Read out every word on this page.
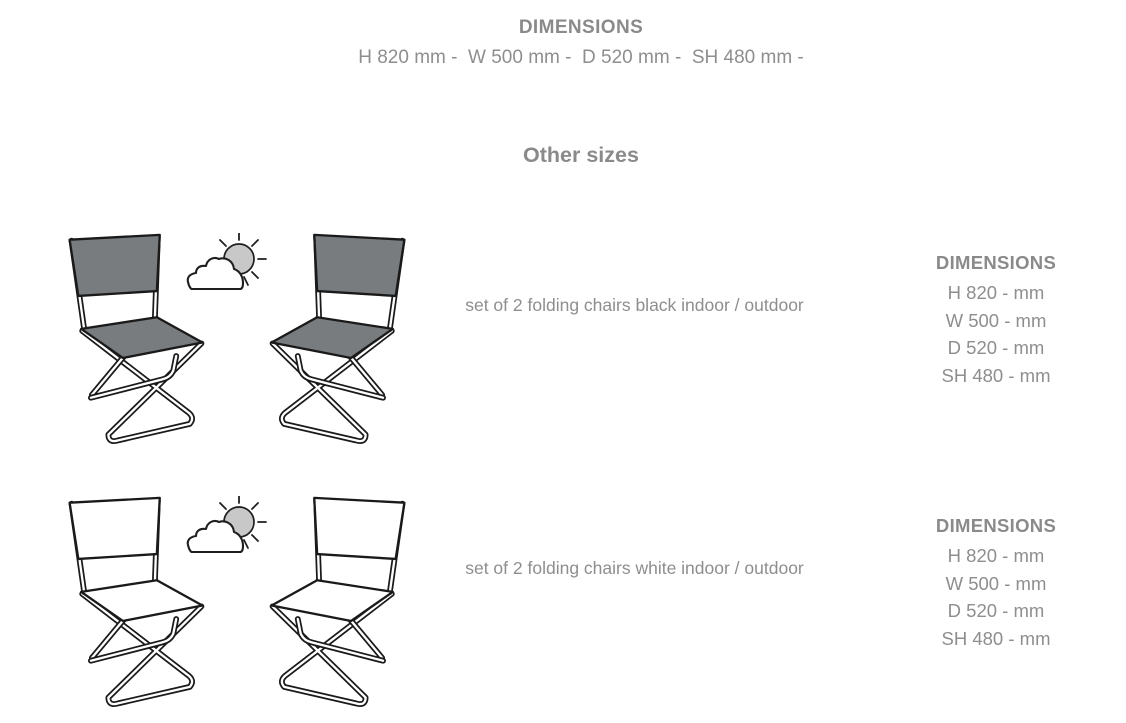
DIMENSIONS

H 820 mm -  W 500 mm -  D 520 mm -  SH 480 mm -

Other sizes

set of 2 folding chairs black indoor / outdoor

DIMENSIONS
H 820 - mm
W 500 - mm
D 520 - mm
SH 480 - mm

set of 2 folding chairs white indoor / outdoor

DIMENSIONS
H 820 - mm
W 500 - mm
D 520 - mm
SH 480 - mm
